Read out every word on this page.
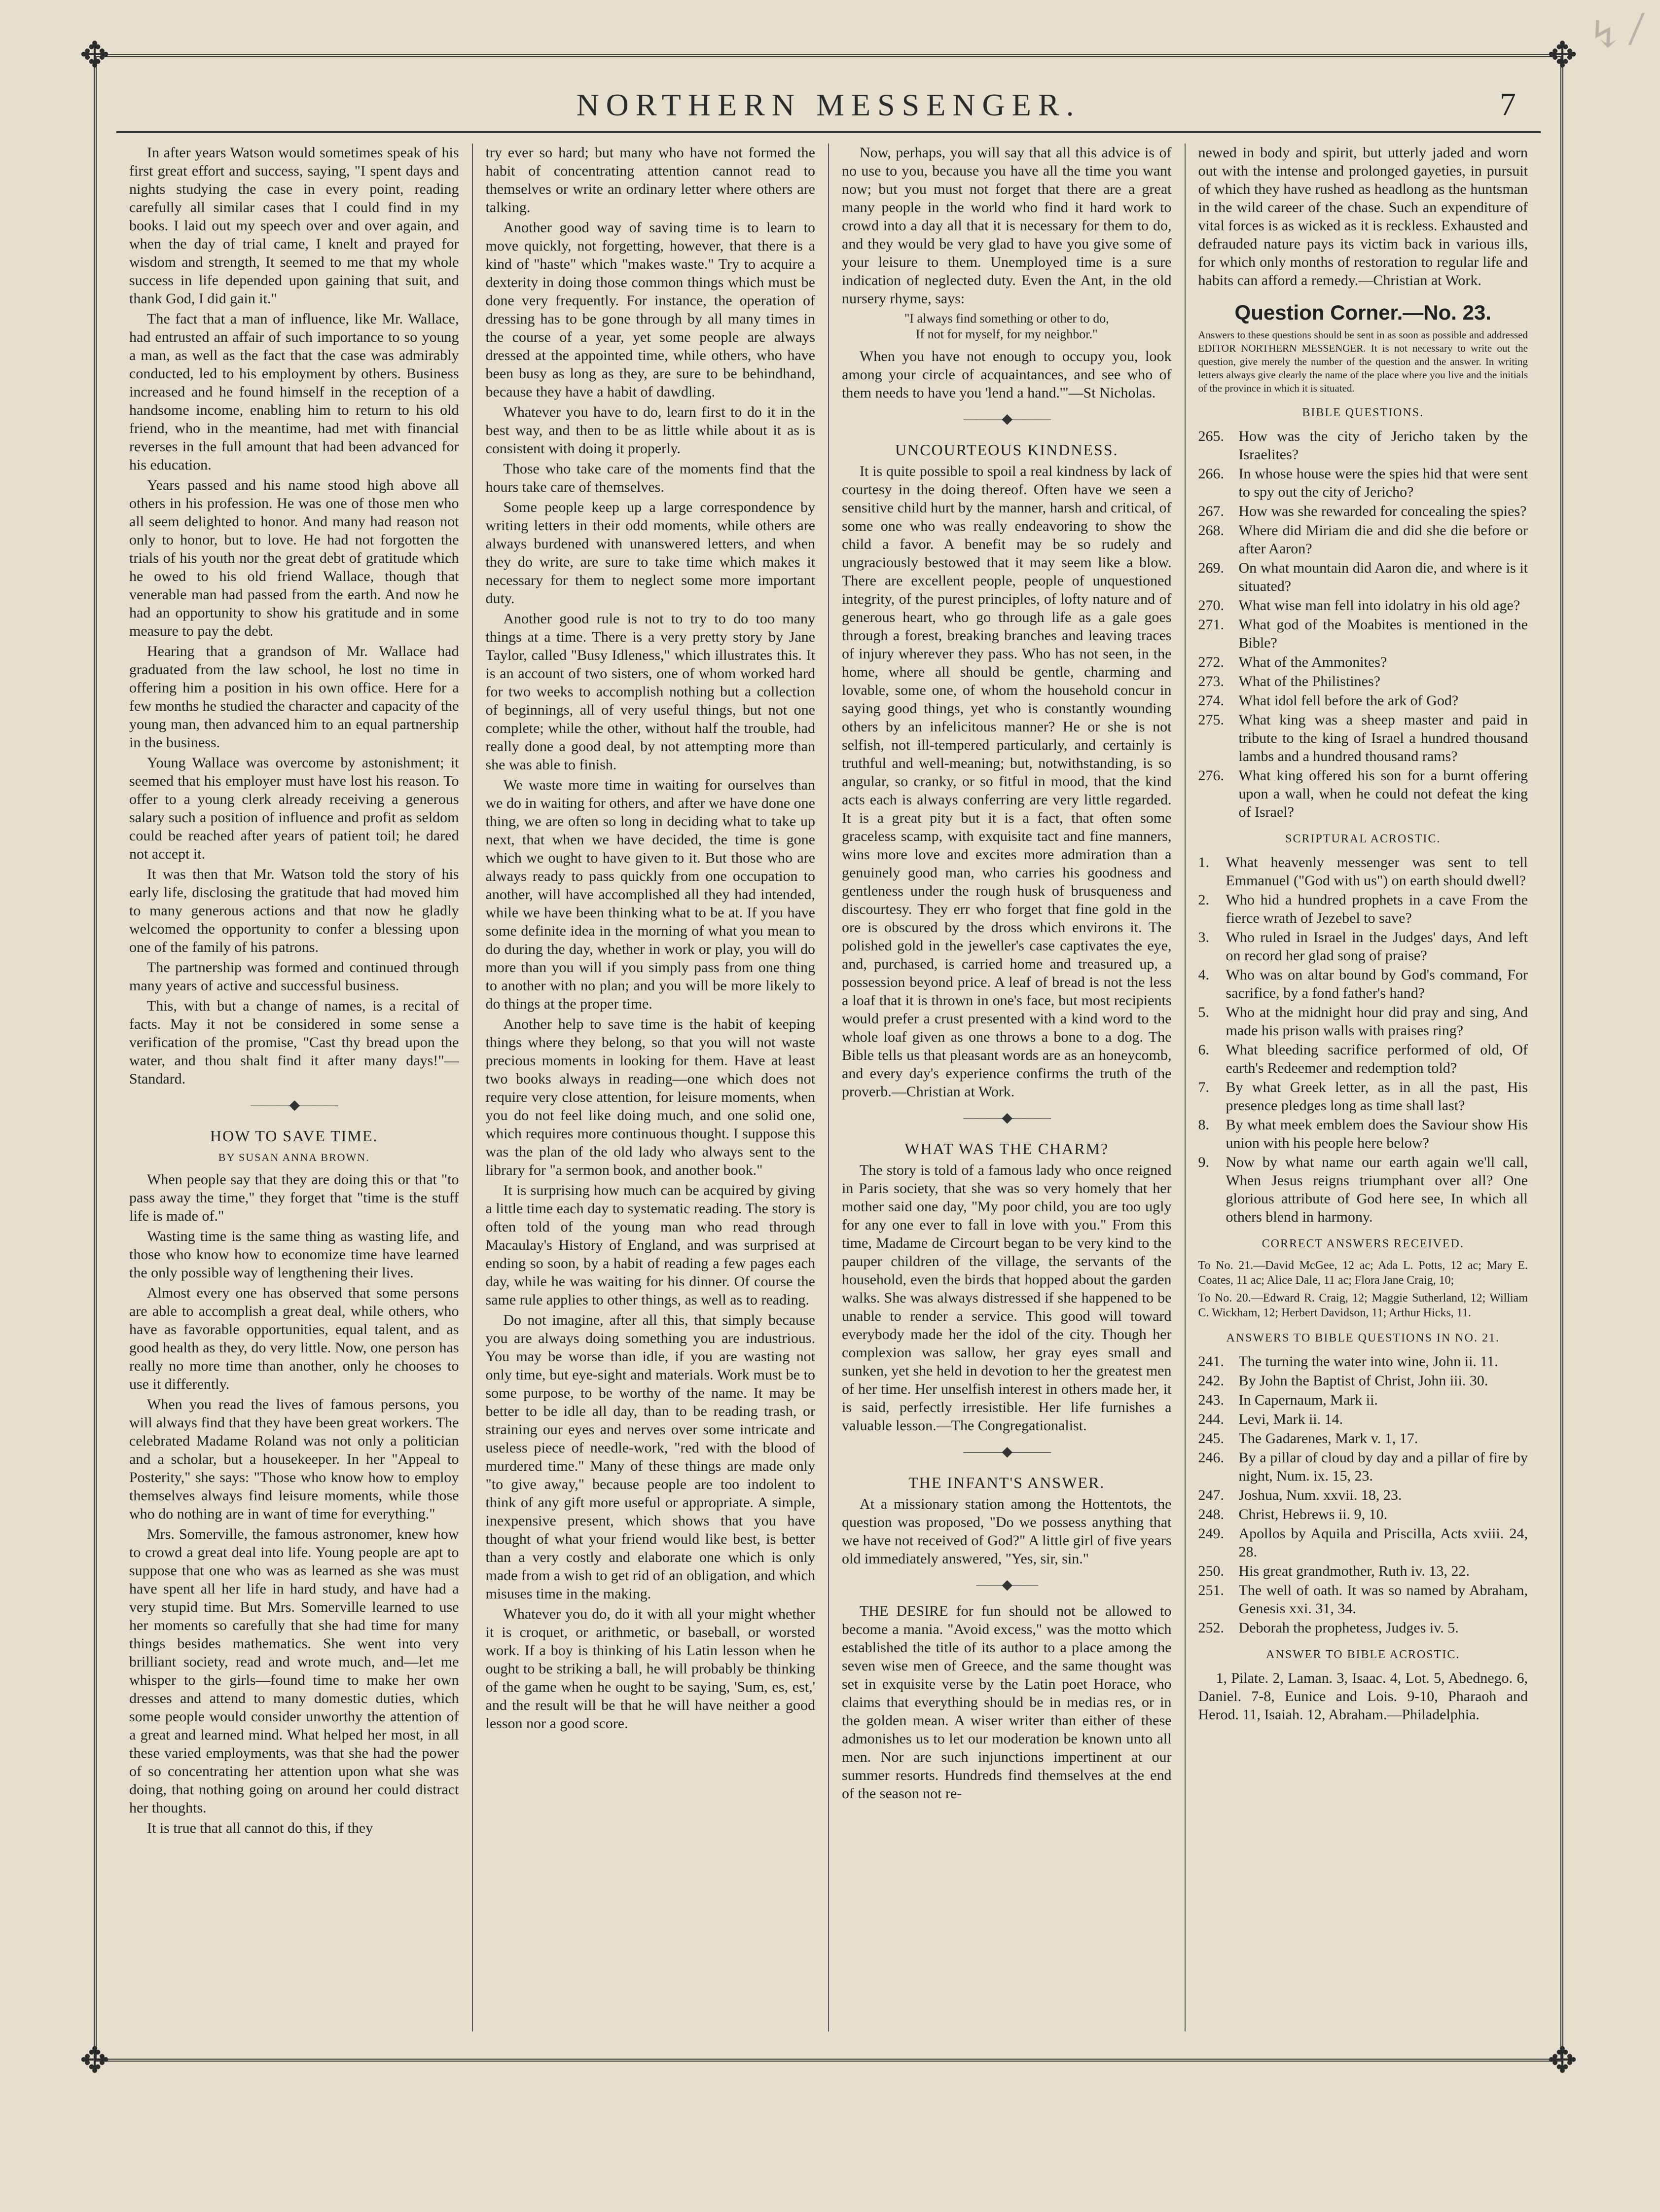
↯ ⁄
✥	✥
✥	✥
NORTHERN MESSENGER.	7

In after years Watson would sometimes speak of his first great effort and success, saying, "I spent days and nights studying the case in every point, reading carefully all similar cases that I could find in my books. I laid out my speech over and over again, and when the day of trial came, I knelt and prayed for wisdom and strength, It seemed to me that my whole success in life depended upon gaining that suit, and thank God, I did gain it."

The fact that a man of influence, like Mr. Wallace, had entrusted an affair of such importance to so young a man, as well as the fact that the case was admirably conducted, led to his employment by others. Business increased and he found himself in the reception of a handsome income, enabling him to return to his old friend, who in the meantime, had met with financial reverses in the full amount that had been advanced for his education.

Years passed and his name stood high above all others in his profession. He was one of those men who all seem delighted to honor. And many had reason not only to honor, but to love. He had not forgotten the trials of his youth nor the great debt of gratitude which he owed to his old friend Wallace, though that venerable man had passed from the earth. And now he had an opportunity to show his gratitude and in some measure to pay the debt.

Hearing that a grandson of Mr. Wallace had graduated from the law school, he lost no time in offering him a position in his own office. Here for a few months he studied the character and capacity of the young man, then advanced him to an equal partnership in the business.

Young Wallace was overcome by astonishment; it seemed that his employer must have lost his reason. To offer to a young clerk already receiving a generous salary such a position of influence and profit as seldom could be reached after years of patient toil; he dared not accept it.

It was then that Mr. Watson told the story of his early life, disclosing the gratitude that had moved him to many generous actions and that now he gladly welcomed the opportunity to confer a blessing upon one of the family of his patrons.

The partnership was formed and continued through many years of active and successful business.

This, with but a change of names, is a recital of facts. May it not be considered in some sense a verification of the promise, "Cast thy bread upon the water, and thou shalt find it after many days!"—Standard.

———◆———
HOW TO SAVE TIME.
BY SUSAN ANNA BROWN.

When people say that they are doing this or that "to pass away the time," they forget that "time is the stuff life is made of."

Wasting time is the same thing as wasting life, and those who know how to economize time have learned the only possible way of lengthening their lives.

Almost every one has observed that some persons are able to accomplish a great deal, while others, who have as favorable opportunities, equal talent, and as good health as they, do very little. Now, one person has really no more time than another, only he chooses to use it differently.

When you read the lives of famous persons, you will always find that they have been great workers. The celebrated Madame Roland was not only a politician and a scholar, but a housekeeper. In her "Appeal to Posterity," she says: "Those who know how to employ themselves always find leisure moments, while those who do nothing are in want of time for everything."

Mrs. Somerville, the famous astronomer, knew how to crowd a great deal into life. Young people are apt to suppose that one who was as learned as she was must have spent all her life in hard study, and have had a very stupid time. But Mrs. Somerville learned to use her moments so carefully that she had time for many things besides mathematics. She went into very brilliant society, read and wrote much, and—let me whisper to the girls—found time to make her own dresses and attend to many domestic duties, which some people would consider unworthy the attention of a great and learned mind. What helped her most, in all these varied employments, was that she had the power of so concentrating her attention upon what she was doing, that nothing going on around her could distract her thoughts.

It is true that all cannot do this, if they

try ever so hard; but many who have not formed the habit of concentrating attention cannot read to themselves or write an ordinary letter where others are talking.

Another good way of saving time is to learn to move quickly, not forgetting, however, that there is a kind of "haste" which "makes waste." Try to acquire a dexterity in doing those common things which must be done very frequently. For instance, the operation of dressing has to be gone through by all many times in the course of a year, yet some people are always dressed at the appointed time, while others, who have been busy as long as they, are sure to be behindhand, because they have a habit of dawdling.

Whatever you have to do, learn first to do it in the best way, and then to be as little while about it as is consistent with doing it properly.

Those who take care of the moments find that the hours take care of themselves.

Some people keep up a large correspondence by writing letters in their odd moments, while others are always burdened with unanswered letters, and when they do write, are sure to take time which makes it necessary for them to neglect some more important duty.

Another good rule is not to try to do too many things at a time. There is a very pretty story by Jane Taylor, called "Busy Idleness," which illustrates this. It is an account of two sisters, one of whom worked hard for two weeks to accomplish nothing but a collection of beginnings, all of very useful things, but not one complete; while the other, without half the trouble, had really done a good deal, by not attempting more than she was able to finish.

We waste more time in waiting for ourselves than we do in waiting for others, and after we have done one thing, we are often so long in deciding what to take up next, that when we have decided, the time is gone which we ought to have given to it. But those who are always ready to pass quickly from one occupation to another, will have accomplished all they had intended, while we have been thinking what to be at. If you have some definite idea in the morning of what you mean to do during the day, whether in work or play, you will do more than you will if you simply pass from one thing to another with no plan; and you will be more likely to do things at the proper time.

Another help to save time is the habit of keeping things where they belong, so that you will not waste precious moments in looking for them. Have at least two books always in reading—one which does not require very close attention, for leisure moments, when you do not feel like doing much, and one solid one, which requires more continuous thought. I suppose this was the plan of the old lady who always sent to the library for "a sermon book, and another book."

It is surprising how much can be acquired by giving a little time each day to systematic reading. The story is often told of the young man who read through Macaulay's History of England, and was surprised at ending so soon, by a habit of reading a few pages each day, while he was waiting for his dinner. Of course the same rule applies to other things, as well as to reading.

Do not imagine, after all this, that simply because you are always doing something you are industrious. You may be worse than idle, if you are wasting not only time, but eye-sight and materials. Work must be to some purpose, to be worthy of the name. It may be better to be idle all day, than to be reading trash, or straining our eyes and nerves over some intricate and useless piece of needle-work, "red with the blood of murdered time." Many of these things are made only "to give away," because people are too indolent to think of any gift more useful or appropriate. A simple, inexpensive present, which shows that you have thought of what your friend would like best, is better than a very costly and elaborate one which is only made from a wish to get rid of an obligation, and which misuses time in the making.

Whatever you do, do it with all your might whether it is croquet, or arithmetic, or baseball, or worsted work. If a boy is thinking of his Latin lesson when he ought to be striking a ball, he will probably be thinking of the game when he ought to be saying, 'Sum, es, est,' and the result will be that he will have neither a good lesson nor a good score.

Now, perhaps, you will say that all this advice is of no use to you, because you have all the time you want now; but you must not forget that there are a great many people in the world who find it hard work to crowd into a day all that it is necessary for them to do, and they would be very glad to have you give some of your leisure to them. Unemployed time is a sure indication of neglected duty. Even the Ant, in the old nursery rhyme, says:

"I always find something or other to do,
If not for myself, for my neighbor."

When you have not enough to occupy you, look among your circle of acquaintances, and see who of them needs to have you 'lend a hand.'"—St Nicholas.

———◆———
UNCOURTEOUS KINDNESS.

It is quite possible to spoil a real kindness by lack of courtesy in the doing thereof. Often have we seen a sensitive child hurt by the manner, harsh and critical, of some one who was really endeavoring to show the child a favor. A benefit may be so rudely and ungraciously bestowed that it may seem like a blow. There are excellent people, people of unquestioned integrity, of the purest principles, of lofty nature and of generous heart, who go through life as a gale goes through a forest, breaking branches and leaving traces of injury wherever they pass. Who has not seen, in the home, where all should be gentle, charming and lovable, some one, of whom the household concur in saying good things, yet who is constantly wounding others by an infelicitous manner? He or she is not selfish, not ill-tempered particularly, and certainly is truthful and well-meaning; but, notwithstanding, is so angular, so cranky, or so fitful in mood, that the kind acts each is always conferring are very little regarded. It is a great pity but it is a fact, that often some graceless scamp, with exquisite tact and fine manners, wins more love and excites more admiration than a genuinely good man, who carries his goodness and gentleness under the rough husk of brusqueness and discourtesy. They err who forget that fine gold in the ore is obscured by the dross which environs it. The polished gold in the jeweller's case captivates the eye, and, purchased, is carried home and treasured up, a possession beyond price. A leaf of bread is not the less a loaf that it is thrown in one's face, but most recipients would prefer a crust presented with a kind word to the whole loaf given as one throws a bone to a dog. The Bible tells us that pleasant words are as an honeycomb, and every day's experience confirms the truth of the proverb.—Christian at Work.

———◆———
WHAT WAS THE CHARM?

The story is told of a famous lady who once reigned in Paris society, that she was so very homely that her mother said one day, "My poor child, you are too ugly for any one ever to fall in love with you." From this time, Madame de Circourt began to be very kind to the pauper children of the village, the servants of the household, even the birds that hopped about the garden walks. She was always distressed if she happened to be unable to render a service. This good will toward everybody made her the idol of the city. Though her complexion was sallow, her gray eyes small and sunken, yet she held in devotion to her the greatest men of her time. Her unselfish interest in others made her, it is said, perfectly irresistible. Her life furnishes a valuable lesson.—The Congregationalist.

———◆———
THE INFANT'S ANSWER.

At a missionary station among the Hottentots, the question was proposed, "Do we possess anything that we have not received of God?" A little girl of five years old immediately answered, "Yes, sir, sin."

——◆——

THE DESIRE for fun should not be allowed to become a mania. "Avoid excess," was the motto which established the title of its author to a place among the seven wise men of Greece, and the same thought was set in exquisite verse by the Latin poet Horace, who claims that everything should be in medias res, or in the golden mean. A wiser writer than either of these admonishes us to let our moderation be known unto all men. Nor are such injunctions impertinent at our summer resorts. Hundreds find themselves at the end of the season not re-

newed in body and spirit, but utterly jaded and worn out with the intense and prolonged gayeties, in pursuit of which they have rushed as headlong as the huntsman in the wild career of the chase. Such an expenditure of vital forces is as wicked as it is reckless. Exhausted and defrauded nature pays its victim back in various ills, for which only months of restoration to regular life and habits can afford a remedy.—Christian at Work.

Question Corner.—No. 23.
Answers to these questions should be sent in as soon as possible and addressed EDITOR NORTHERN MESSENGER. It is not necessary to write out the question, give merely the number of the question and the answer. In writing letters always give clearly the name of the place where you live and the initials of the province in which it is situated.
BIBLE QUESTIONS.
265. How was the city of Jericho taken by the Israelites?
266. In whose house were the spies hid that were sent to spy out the city of Jericho?
267. How was she rewarded for concealing the spies?
268. Where did Miriam die and did she die before or after Aaron?
269. On what mountain did Aaron die, and where is it situated?
270. What wise man fell into idolatry in his old age?
271. What god of the Moabites is mentioned in the Bible?
272. What of the Ammonites?
273. What of the Philistines?
274. What idol fell before the ark of God?
275. What king was a sheep master and paid in tribute to the king of Israel a hundred thousand lambs and a hundred thousand rams?
276. What king offered his son for a burnt offering upon a wall, when he could not defeat the king of Israel?
SCRIPTURAL ACROSTIC.
1.	What heavenly messenger was sent to tell Emmanuel ("God with us") on earth should dwell?
2.	Who hid a hundred prophets in a cave From the fierce wrath of Jezebel to save?
3.	Who ruled in Israel in the Judges' days, And left on record her glad song of praise?
4.	Who was on altar bound by God's command, For sacrifice, by a fond father's hand?
5.	Who at the midnight hour did pray and sing, And made his prison walls with praises ring?
6.	What bleeding sacrifice performed of old, Of earth's Redeemer and redemption told?
7.	By what Greek letter, as in all the past, His presence pledges long as time shall last?
8.	By what meek emblem does the Saviour show His union with his people here below?
9.	Now by what name our earth again we'll call, When Jesus reigns triumphant over all? One glorious attribute of God here see, In which all others blend in harmony.
CORRECT ANSWERS RECEIVED.
To No. 21.—David McGee, 12 ac; Ada L. Potts, 12 ac; Mary E. Coates, 11 ac; Alice Dale, 11 ac; Flora Jane Craig, 10;
To No. 20.—Edward R. Craig, 12; Maggie Sutherland, 12; William C. Wickham, 12; Herbert Davidson, 11; Arthur Hicks, 11.
ANSWERS TO BIBLE QUESTIONS IN NO. 21.
241. The turning the water into wine, John ii. 11.
242. By John the Baptist of Christ, John iii. 30.
243. In Capernaum, Mark ii.
244. Levi, Mark ii. 14.
245. The Gadarenes, Mark v. 1, 17.
246. By a pillar of cloud by day and a pillar of fire by night, Num. ix. 15, 23.
247. Joshua, Num. xxvii. 18, 23.
248. Christ, Hebrews ii. 9, 10.
249. Apollos by Aquila and Priscilla, Acts xviii. 24, 28.
250. His great grandmother, Ruth iv. 13, 22.
251. The well of oath. It was so named by Abraham, Genesis xxi. 31, 34.
252. Deborah the prophetess, Judges iv. 5.
ANSWER TO BIBLE ACROSTIC.

1, Pilate. 2, Laman. 3, Isaac. 4, Lot. 5, Abednego. 6, Daniel. 7-8, Eunice and Lois. 9-10, Pharaoh and Herod. 11, Isaiah. 12, Abraham.—Philadelphia.
